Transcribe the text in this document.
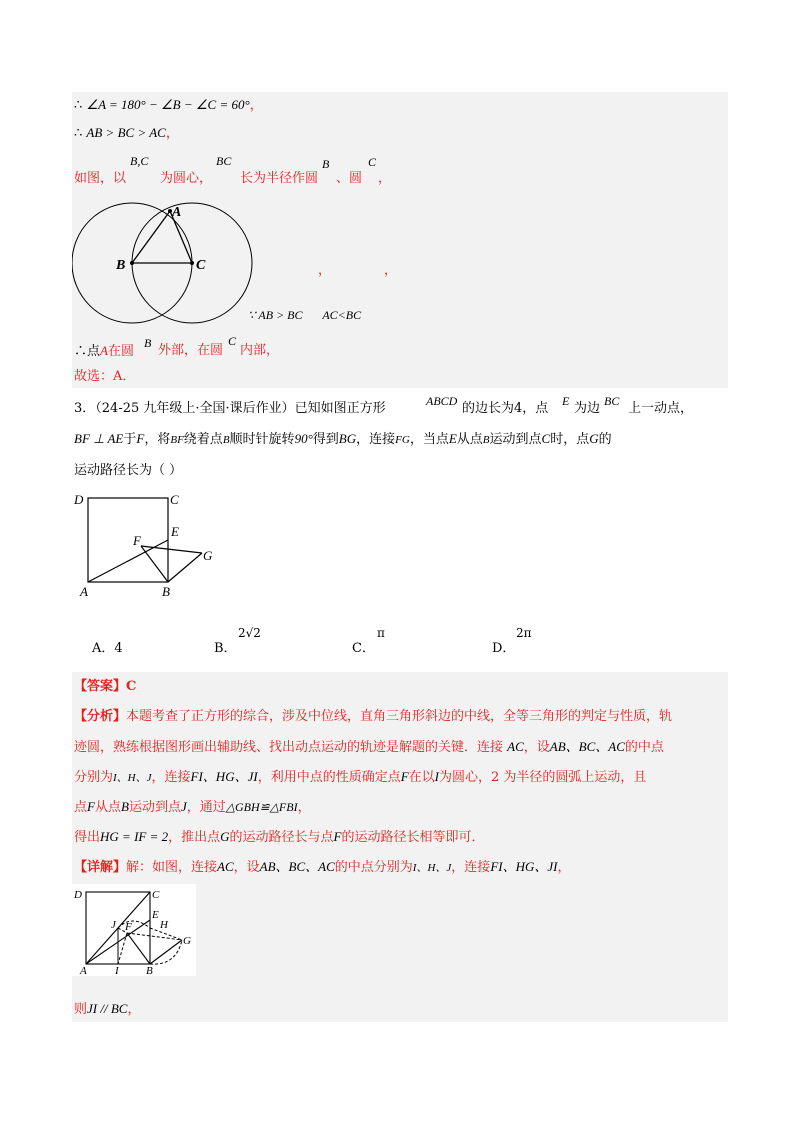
∴ ∠A = 180° − ∠B − ∠C = 60°，
∴ AB > BC > AC，
如图，以
B,C
为圆心，
BC
长为半径作圆
B
、圆
C
，
A
B	C	，	，
∵ AB > BC AC<BC
∴点A在圆
B 外部，在圆
C
内部，
故选：A．
3．（24-25 九年级上·全国·课后作业）已知如图正方形	ABCD 的边长为4，点 E 为边 BC 上一动点，
BF ⊥ AE于F，将BF绕着点B顺时针旋转90°得到BG，连接FG，当点E从点B运动到点C时，点G的
运动路径长为（ ）
D	C
E
F
G
A	B
A．4	B．
2√2
C．
π
D．
2π
【答案】C
【分析】本题考查了正方形的综合，涉及中位线，直角三角形斜边的中线，全等三角形的判定与性质，轨
迹圆，熟练根据图形画出辅助线、找出动点运动的轨迹是解题的关键．连接 AC，设AB、BC、AC的中点
分别为I、H、J，连接FI、HG、JI，利用中点的性质确定点F在以I为圆心，2 为半径的圆弧上运动，且
点F从点B运动到点J，通过△GBH≌△FBI，
得出HG = IF = 2，推出点G的运动路径长与点F的运动路径长相等即可．
【详解】解：如图，连接AC，设AB、BC、AC的中点分别为I、H、J，连接FI、HG、JI，
D	C
J F
E
H
G
A	I B
则JI // BC，
